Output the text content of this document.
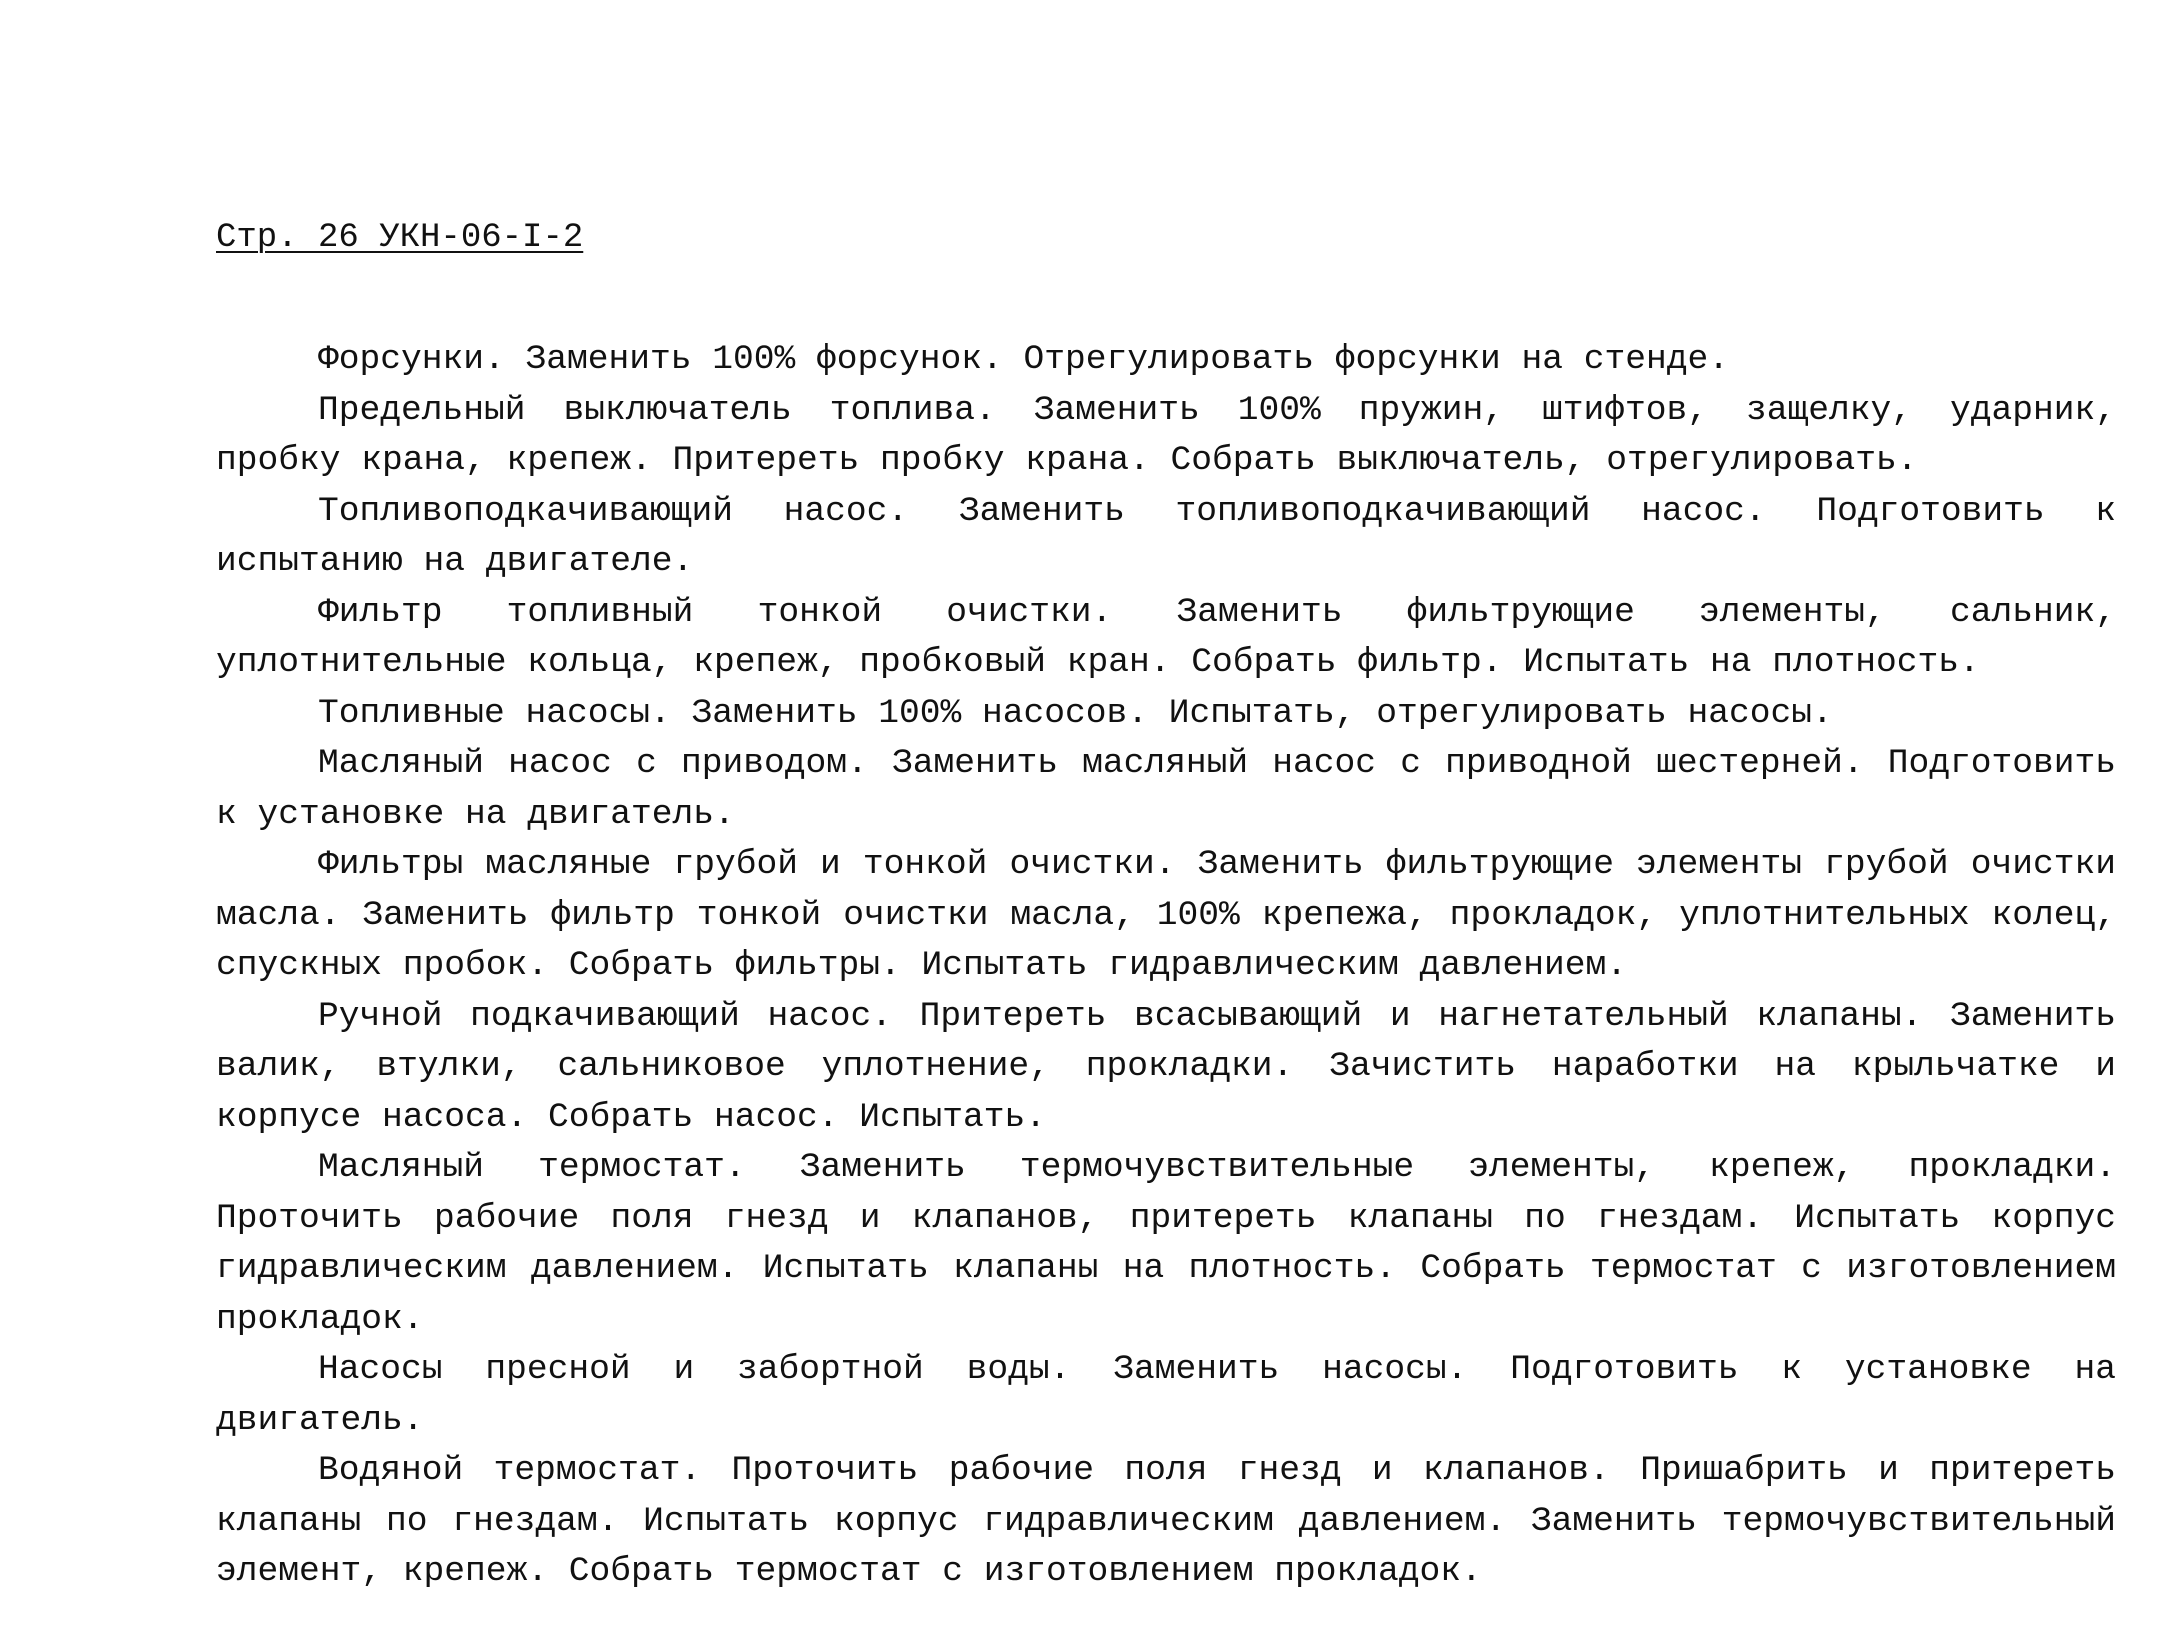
Стр. 26 УКН-06-I-2

Форсунки. Заменить 100% форсунок. Отрегулировать форсунки на стенде.

Предельный выключатель топлива. Заменить 100% пружин, штифтов, защелку, ударник, пробку крана, крепеж. Притереть пробку крана. Собрать выключатель, отрегулировать.

Топливоподкачивающий насос. Заменить топливоподкачивающий насос. Подготовить к испытанию на двигателе.

Фильтр топливный тонкой очистки. Заменить фильтрующие элементы, сальник, уплотнительные кольца, крепеж, пробковый кран. Собрать фильтр. Испытать на плотность.

Топливные насосы. Заменить 100% насосов. Испытать, отрегулировать насосы.

Масляный насос с приводом. Заменить масляный насос с приводной шестерней. Подготовить к установке на двигатель.

Фильтры масляные грубой и тонкой очистки. Заменить фильтрующие элементы грубой очистки масла. Заменить фильтр тонкой очистки масла, 100% крепежа, прокладок, уплотнительных колец, спускных пробок. Собрать фильтры. Испытать гидравлическим давлением.

Ручной подкачивающий насос. Притереть всасывающий и нагнетательный клапаны. Заменить валик, втулки, сальниковое уплотнение, прокладки. Зачистить наработки на крыльчатке и корпусе насоса. Собрать насос. Испытать.

Масляный термостат. Заменить термочувствительные элементы, крепеж, прокладки. Проточить рабочие поля гнезд и клапанов, притереть клапаны по гнездам. Испытать корпус гидравлическим давлением. Испытать клапаны на плотность. Собрать термостат с изготовлением прокладок.

Насосы пресной и забортной воды. Заменить насосы. Подготовить к установке на двигатель.

Водяной термостат. Проточить рабочие поля гнезд и клапанов. Пришабрить и притереть клапаны по гнездам. Испытать корпус гидравлическим давлением. Заменить термочувствительный элемент, крепеж. Собрать термостат с изготовлением прокладок.
